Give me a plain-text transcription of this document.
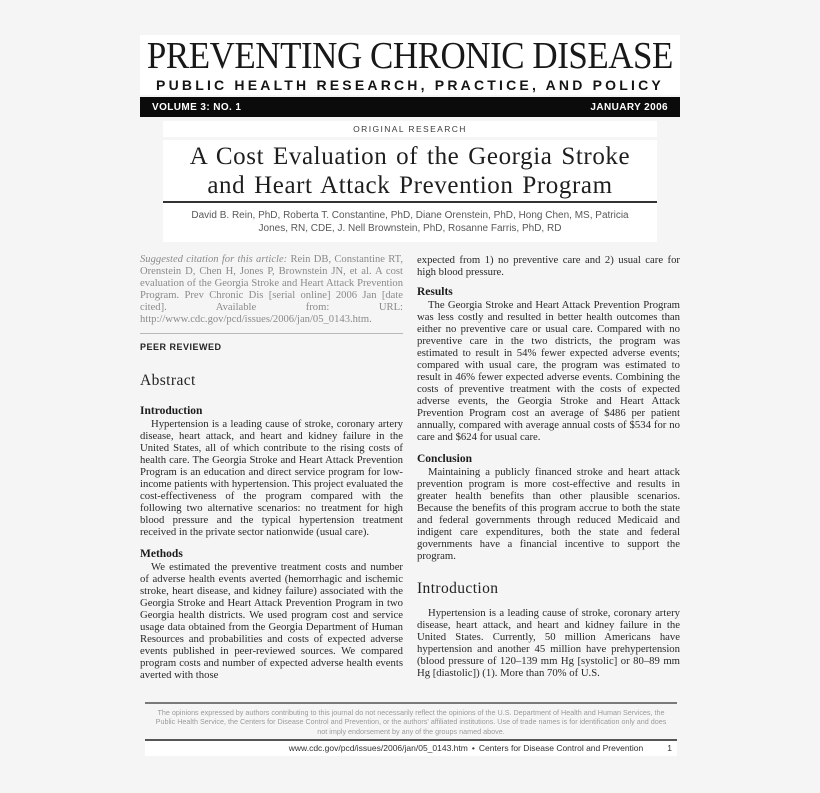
PREVENTING CHRONIC DISEASE
PUBLIC HEALTH RESEARCH, PRACTICE, AND POLICY
VOLUME 3: NO. 1	JANUARY 2006
ORIGINAL RESEARCH
A Cost Evaluation of the Georgia Stroke
and Heart Attack Prevention Program

David B. Rein, PhD, Roberta T. Constantine, PhD, Diane Orenstein, PhD, Hong Chen, MS, Patricia Jones, RN, CDE, J. Nell Brownstein, PhD, Rosanne Farris, PhD, RD

Suggested citation for this article: Rein DB, Constantine RT, Orenstein D, Chen H, Jones P, Brownstein JN, et al. A cost evaluation of the Georgia Stroke and Heart Attack Prevention Program. Prev Chronic Dis [serial online] 2006 Jan [date cited]. Available from: URL: http://www.cdc.gov/pcd/issues/2006/jan/05_0143.htm.

PEER REVIEWED
Abstract
Introduction

Hypertension is a leading cause of stroke, coronary artery disease, heart attack, and heart and kidney failure in the United States, all of which contribute to the rising costs of health care. The Georgia Stroke and Heart Attack Prevention Program is an education and direct service program for low-income patients with hypertension. This project evaluated the cost-effectiveness of the program compared with the following two alternative scenarios: no treatment for high blood pressure and the typical hypertension treatment received in the private sector nationwide (usual care).

Methods

We estimated the preventive treatment costs and number of adverse health events averted (hemorrhagic and ischemic stroke, heart disease, and kidney failure) associated with the Georgia Stroke and Heart Attack Prevention Program in two Georgia health districts. We used program cost and service usage data obtained from the Georgia Department of Human Resources and probabilities and costs of expected adverse events published in peer-reviewed sources. We compared program costs and number of expected adverse health events averted with those

expected from 1) no preventive care and 2) usual care for high blood pressure.

Results

The Georgia Stroke and Heart Attack Prevention Program was less costly and resulted in better health outcomes than either no preventive care or usual care. Compared with no preventive care in the two districts, the program was estimated to result in 54% fewer expected adverse events; compared with usual care, the program was estimated to result in 46% fewer expected adverse events. Combining the costs of preventive treatment with the costs of expected adverse events, the Georgia Stroke and Heart Attack Prevention Program cost an average of $486 per patient annually, compared with average annual costs of $534 for no care and $624 for usual care.

Conclusion

Maintaining a publicly financed stroke and heart attack prevention program is more cost-effective and results in greater health benefits than other plausible scenarios. Because the benefits of this program accrue to both the state and federal governments through reduced Medicaid and indigent care expenditures, both the state and federal governments have a financial incentive to support the program.

Introduction

Hypertension is a leading cause of stroke, coronary artery disease, heart attack, and heart and kidney failure in the United States. Currently, 50 million Americans have hypertension and another 45 million have prehypertension (blood pressure of 120–139 mm Hg [systolic] or 80–89 mm Hg [diastolic]) (1). More than 70% of U.S.

The opinions expressed by authors contributing to this journal do not necessarily reflect the opinions of the U.S. Department of Health and Human Services, the Public Health Service, the Centers for Disease Control and Prevention, or the authors' affiliated institutions. Use of trade names is for identification only and does not imply endorsement by any of the groups named above.

www.cdc.gov/pcd/issues/2006/jan/05_0143.htm • Centers for Disease Control and Prevention	1
